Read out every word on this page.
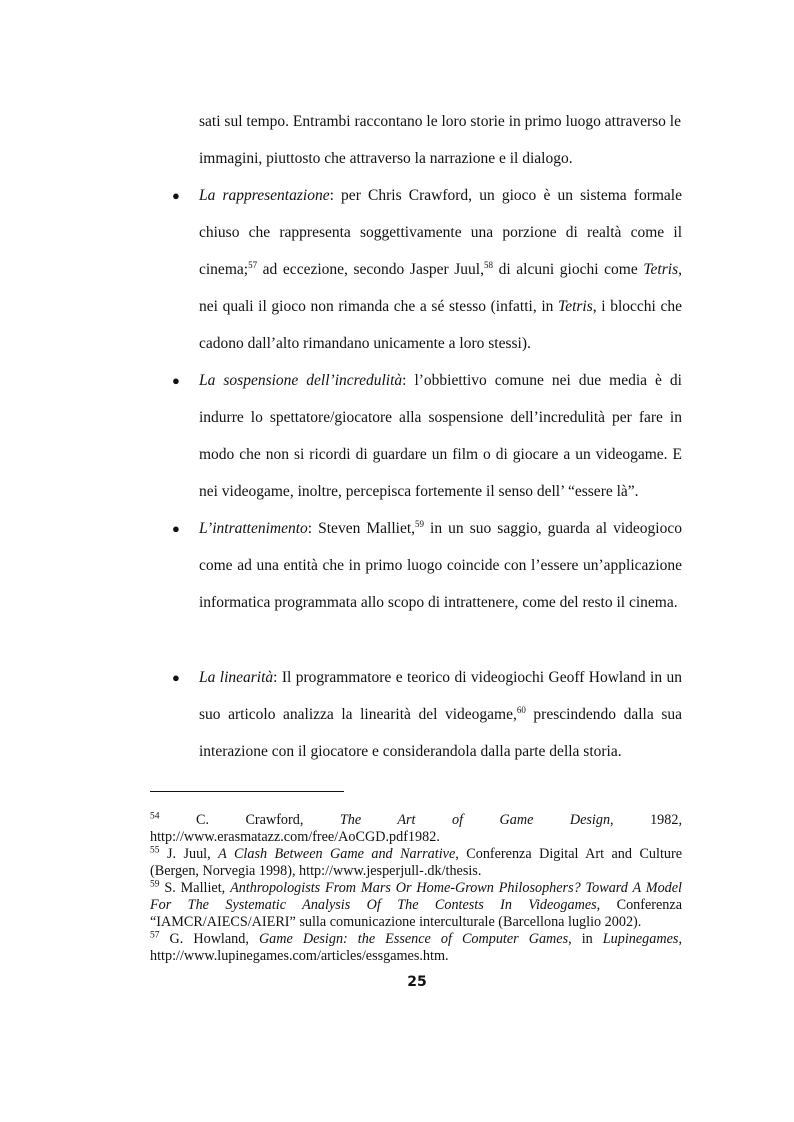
sati sul tempo. Entrambi raccontano le loro storie in primo luogo attraverso le immagini, piuttosto che attraverso la narrazione e il dialogo.
●	La rappresentazione: per Chris Crawford, un gioco è un sistema formale chiuso che rappresenta soggettivamente una porzione di realtà come il cinema;$^{57}$ ad eccezione, secondo Jasper Juul,$^{58}$ di alcuni giochi come Tetris, nei quali il gioco non rimanda che a sé stesso (infatti, in Tetris, i blocchi che cadono dall’alto rimandano unicamente a loro stessi).
●	La sospensione dell’incredulità: l’obbiettivo comune nei due media è di indurre lo spettatore/giocatore alla sospensione dell’incredulità per fare in modo che non si ricordi di guardare un film o di giocare a un videogame. E nei videogame, inoltre, percepisca fortemente il senso dell’ “essere là”.
●	L’intrattenimento: Steven Malliet,$^{59}$ in un suo saggio, guarda al videogioco come ad una entità che in primo luogo coincide con l’essere un’applicazione informatica programmata allo scopo di intrattenere, come del resto il cinema.
●	La linearità: Il programmatore e teorico di videogiochi Geoff Howland in un suo articolo analizza la linearità del videogame,$^{60}$ prescindendo dalla sua interazione con il giocatore e considerandola dalla parte della storia.

$^{54}$ C. Crawford, The Art of Game Design, 1982, http://www.erasmatazz.com/free/AoCGD.pdf1982.

$^{55}$ J. Juul, A Clash Between Game and Narrative, Conferenza Digital Art and Culture (Bergen, Norvegia 1998), http://www.jesperjull-.dk/thesis.

$^{59}$ S. Malliet, Anthropologists From Mars Or Home-Grown Philosophers? Toward A Model For The Systematic Analysis Of The Contests In Videogames, Conferenza “IAMCR/AIECS/AIERI” sulla comunicazione interculturale (Barcellona luglio 2002).

$^{57}$ G. Howland, Game Design: the Essence of Computer Games, in Lupinegames, http://www.lupinegames.com/articles/essgames.htm.

25
